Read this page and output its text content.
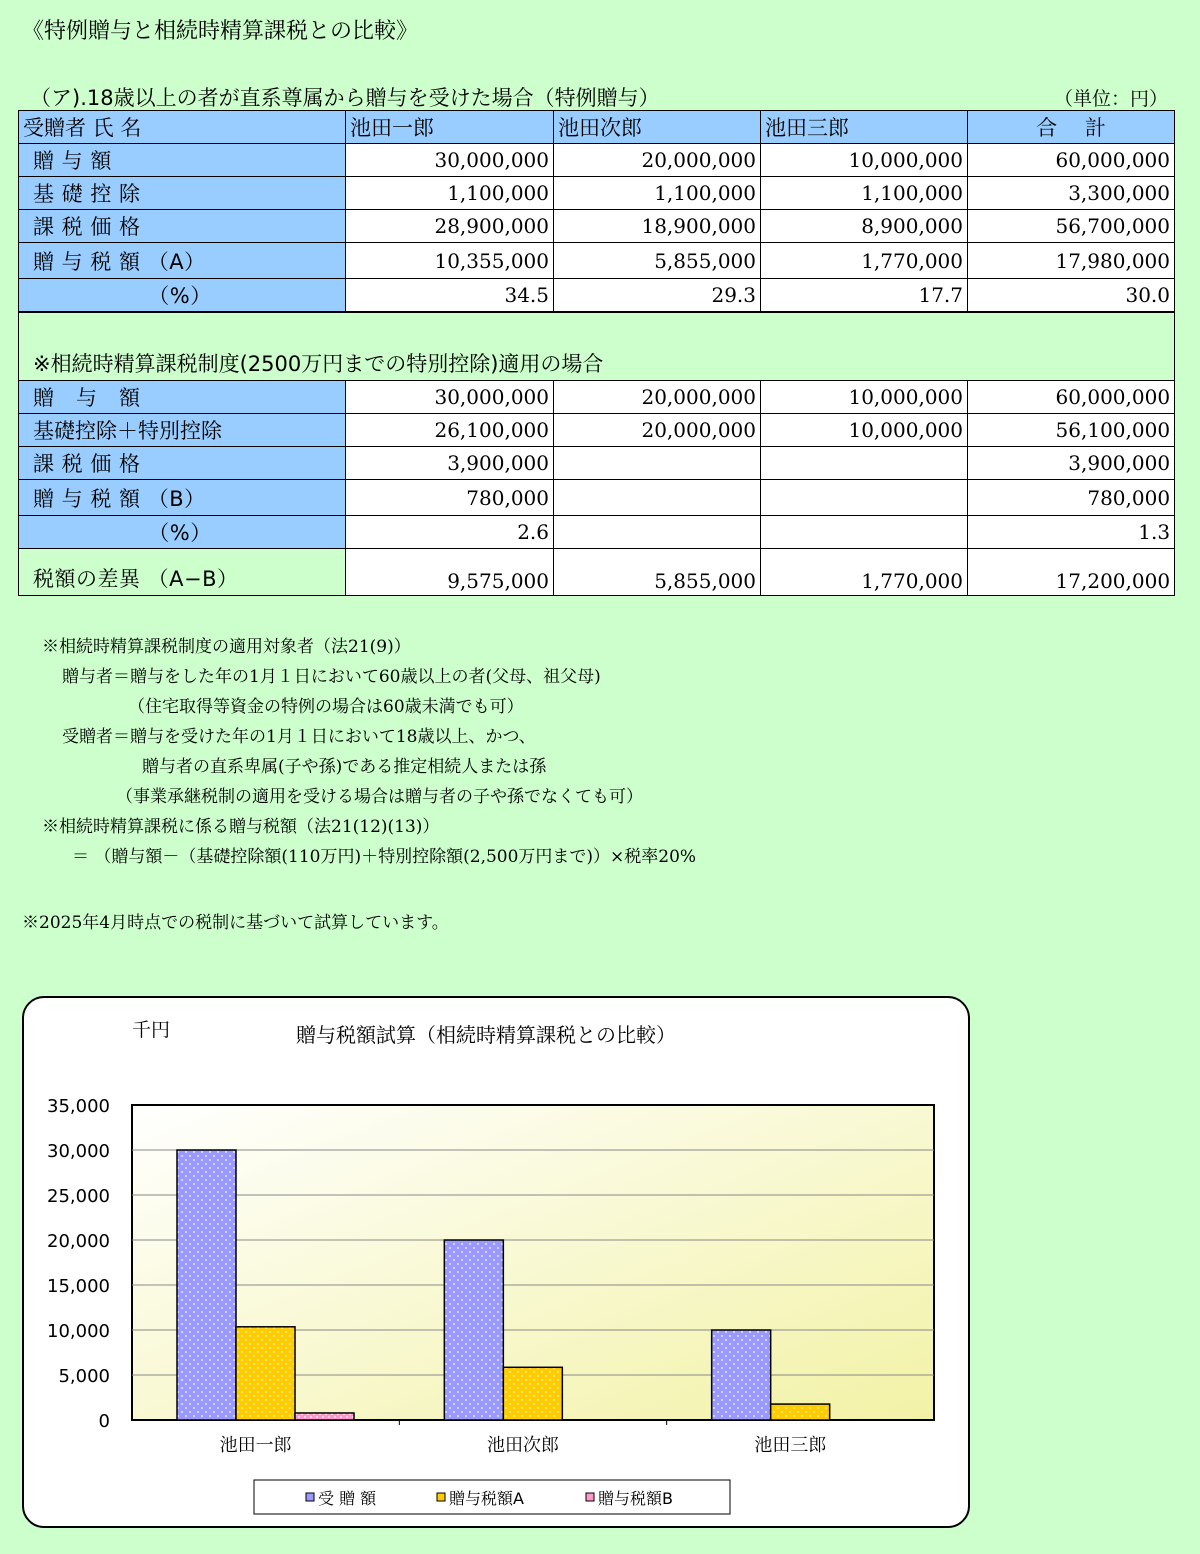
《特例贈与と相続時精算課税との比較》
（ア).18歳以上の者が直系尊属から贈与を受けた場合（特例贈与）	（単位：円）
受贈者 氏 名	池田一郎	池田次郎	池田三郎	合　 計
贈 与 額	30,000,000	20,000,000	10,000,000	60,000,000
基 礎 控 除	1,100,000	1,100,000	1,100,000	3,300,000
課 税 価 格	28,900,000	18,900,000	8,900,000	56,700,000
贈 与 税 額 （A）	10,355,000	5,855,000	1,770,000	17,980,000
（%）	34.5	29.3	17.7	30.0
※相続時精算課税制度(2500万円までの特別控除)適用の場合				
贈　与　額	30,000,000	20,000,000	10,000,000	60,000,000
基礎控除＋特別控除	26,100,000	20,000,000	10,000,000	56,100,000
課 税 価 格	3,900,000			3,900,000
贈 与 税 額 （B）	780,000			780,000
（%）	2.6			1.3
税額の差異 （A−B）	9,575,000	5,855,000	1,770,000	17,200,000
※相続時精算課税制度の適用対象者（法21(9)）
贈与者＝贈与をした年の1月１日において60歳以上の者(父母、祖父母)
（住宅取得等資金の特例の場合は60歳未満でも可）
受贈者＝贈与を受けた年の1月１日において18歳以上、かつ、
贈与者の直系卑属(子や孫)である推定相続人または孫
（事業承継税制の適用を受ける場合は贈与者の子や孫でなくても可）
※相続時精算課税に係る贈与税額（法21(12)(13)）
＝ （贈与額－（基礎控除額(110万円)＋特別控除額(2,500万円まで)）×税率20%
※2025年4月時点での税制に基づいて試算しています。
千円	贈与税額試算（相続時精算課税との比較）
0
5,000
10,000
15,000
20,000
25,000
30,000
35,000
池田一郎	池田次郎	池田三郎
受 贈 額	贈与税額A	贈与税額B
